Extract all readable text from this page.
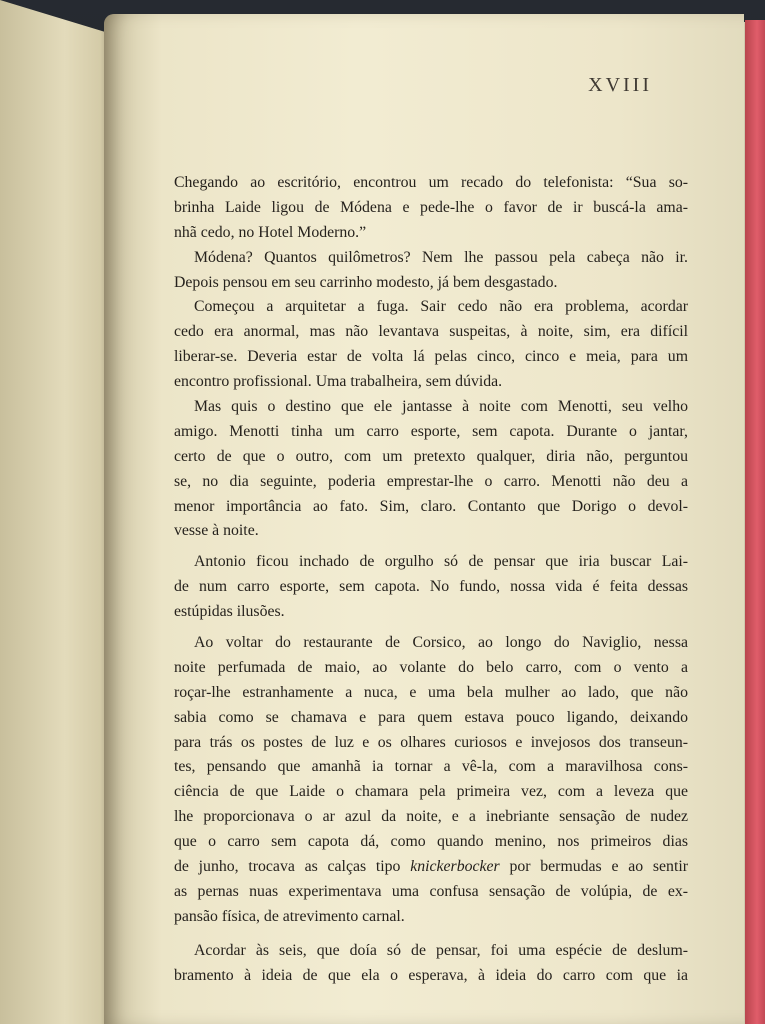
XVIII
Chegando ao escritório, encontrou um recado do telefonista: “Sua so-
brinha Laide ligou de Módena e pede-lhe o favor de ir buscá-la ama-
nhã cedo, no Hotel Moderno.”
Módena? Quantos quilômetros? Nem lhe passou pela cabeça não ir.
Depois pensou em seu carrinho modesto, já bem desgastado.
Começou a arquitetar a fuga. Sair cedo não era problema, acordar
cedo era anormal, mas não levantava suspeitas, à noite, sim, era difícil
liberar-se. Deveria estar de volta lá pelas cinco, cinco e meia, para um
encontro profissional. Uma trabalheira, sem dúvida.
Mas quis o destino que ele jantasse à noite com Menotti, seu velho
amigo. Menotti tinha um carro esporte, sem capota. Durante o jantar,
certo de que o outro, com um pretexto qualquer, diria não, perguntou
se, no dia seguinte, poderia emprestar-lhe o carro. Menotti não deu a
menor importância ao fato. Sim, claro. Contanto que Dorigo o devol-
vesse à noite.
Antonio ficou inchado de orgulho só de pensar que iria buscar Lai-
de num carro esporte, sem capota. No fundo, nossa vida é feita dessas
estúpidas ilusões.
Ao voltar do restaurante de Corsico, ao longo do Naviglio, nessa
noite perfumada de maio, ao volante do belo carro, com o vento a
roçar-lhe estranhamente a nuca, e uma bela mulher ao lado, que não
sabia como se chamava e para quem estava pouco ligando, deixando
para trás os postes de luz e os olhares curiosos e invejosos dos transeun-
tes, pensando que amanhã ia tornar a vê-la, com a maravilhosa cons-
ciência de que Laide o chamara pela primeira vez, com a leveza que
lhe proporcionava o ar azul da noite, e a inebriante sensação de nudez
que o carro sem capota dá, como quando menino, nos primeiros dias
de junho, trocava as calças tipo knickerbocker por bermudas e ao sentir
as pernas nuas experimentava uma confusa sensação de volúpia, de ex-
pansão física, de atrevimento carnal.
Acordar às seis, que doía só de pensar, foi uma espécie de deslum-
bramento à ideia de que ela o esperava, à ideia do carro com que ia
